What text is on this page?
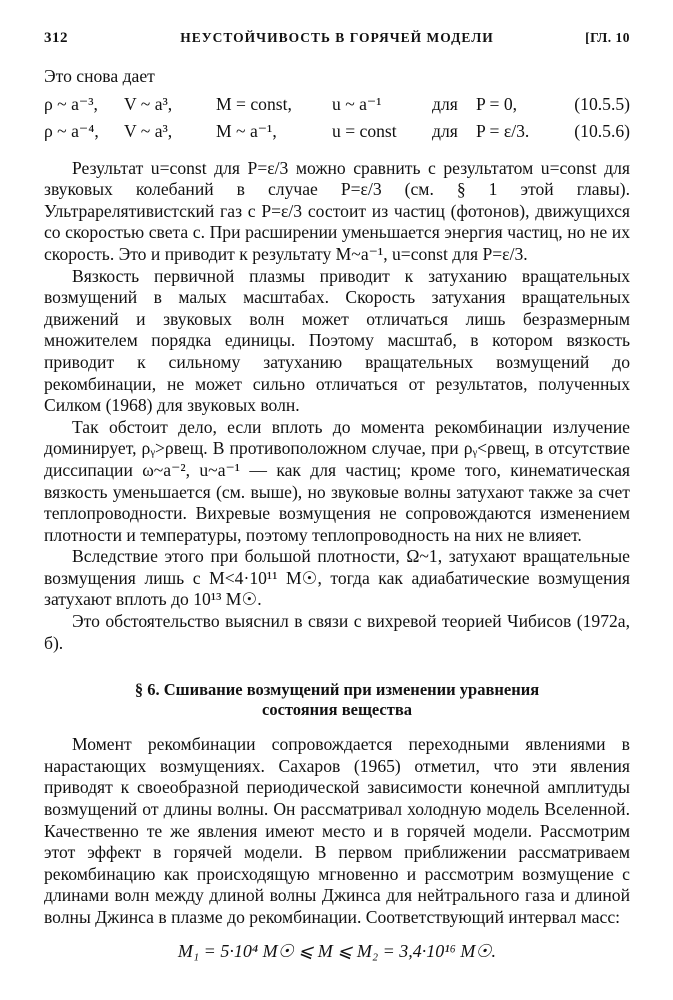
312	НЕУСТОЙЧИВОСТЬ В ГОРЯЧЕЙ МОДЕЛИ	[ГЛ. 10

Это снова дает

ρ ~ a⁻³,	V ~ a³,	M = const,	u ~ a⁻¹	для	P = 0,	(10.5.5)
ρ ~ a⁻⁴,	V ~ a³,	M ~ a⁻¹,	u = const	для	P = ε/3.	(10.5.6)

Результат u=const для P=ε/3 можно сравнить с результатом u=const для звуковых колебаний в случае P=ε/3 (см. § 1 этой главы). Ультрарелятивистский газ с P=ε/3 состоит из частиц (фотонов), движущихся со скоростью света c. При расширении уменьшается энергия частиц, но не их скорость. Это и приводит к результату M~a⁻¹, u=const для P=ε/3.

Вязкость первичной плазмы приводит к затуханию вращательных возмущений в малых масштабах. Скорость затухания вращательных движений и звуковых волн может отличаться лишь безразмерным множителем порядка единицы. Поэтому масштаб, в котором вязкость приводит к сильному затуханию вращательных возмущений до рекомбинации, не может сильно отличаться от результатов, полученных Силком (1968) для звуковых волн.

Так обстоит дело, если вплоть до момента рекомбинации излучение доминирует, ρᵧ>ρвещ. В противоположном случае, при ρᵧ<ρвещ, в отсутствие диссипации ω~a⁻², u~a⁻¹ — как для частиц; кроме того, кинематическая вязкость уменьшается (см. выше), но звуковые волны затухают также за счет теплопроводности. Вихревые возмущения не сопровождаются изменением плотности и температуры, поэтому теплопроводность на них не влияет.

Вследствие этого при большой плотности, Ω~1, затухают вращательные возмущения лишь с M<4·10¹¹ M☉, тогда как адиабатические возмущения затухают вплоть до 10¹³ M☉.

Это обстоятельство выяснил в связи с вихревой теорией Чибисов (1972а, б).

§ 6. Сшивание возмущений при изменении уравнения
состояния вещества

Момент рекомбинации сопровождается переходными явлениями в нарастающих возмущениях. Сахаров (1965) отметил, что эти явления приводят к своеобразной периодической зависимости конечной амплитуды возмущений от длины волны. Он рассматривал холодную модель Вселенной. Качественно те же явления имеют место и в горячей модели. Рассмотрим этот эффект в горячей модели. В первом приближении рассматриваем рекомбинацию как происходящую мгновенно и рассмотрим возмущение с длинами волн между длиной волны Джинса для нейтрального газа и длиной волны Джинса в плазме до рекомбинации. Соответствующий интервал масс:

M₁ = 5·10⁴ M☉ ⩽ M ⩽ M₂ = 3,4·10¹⁶ M☉.
